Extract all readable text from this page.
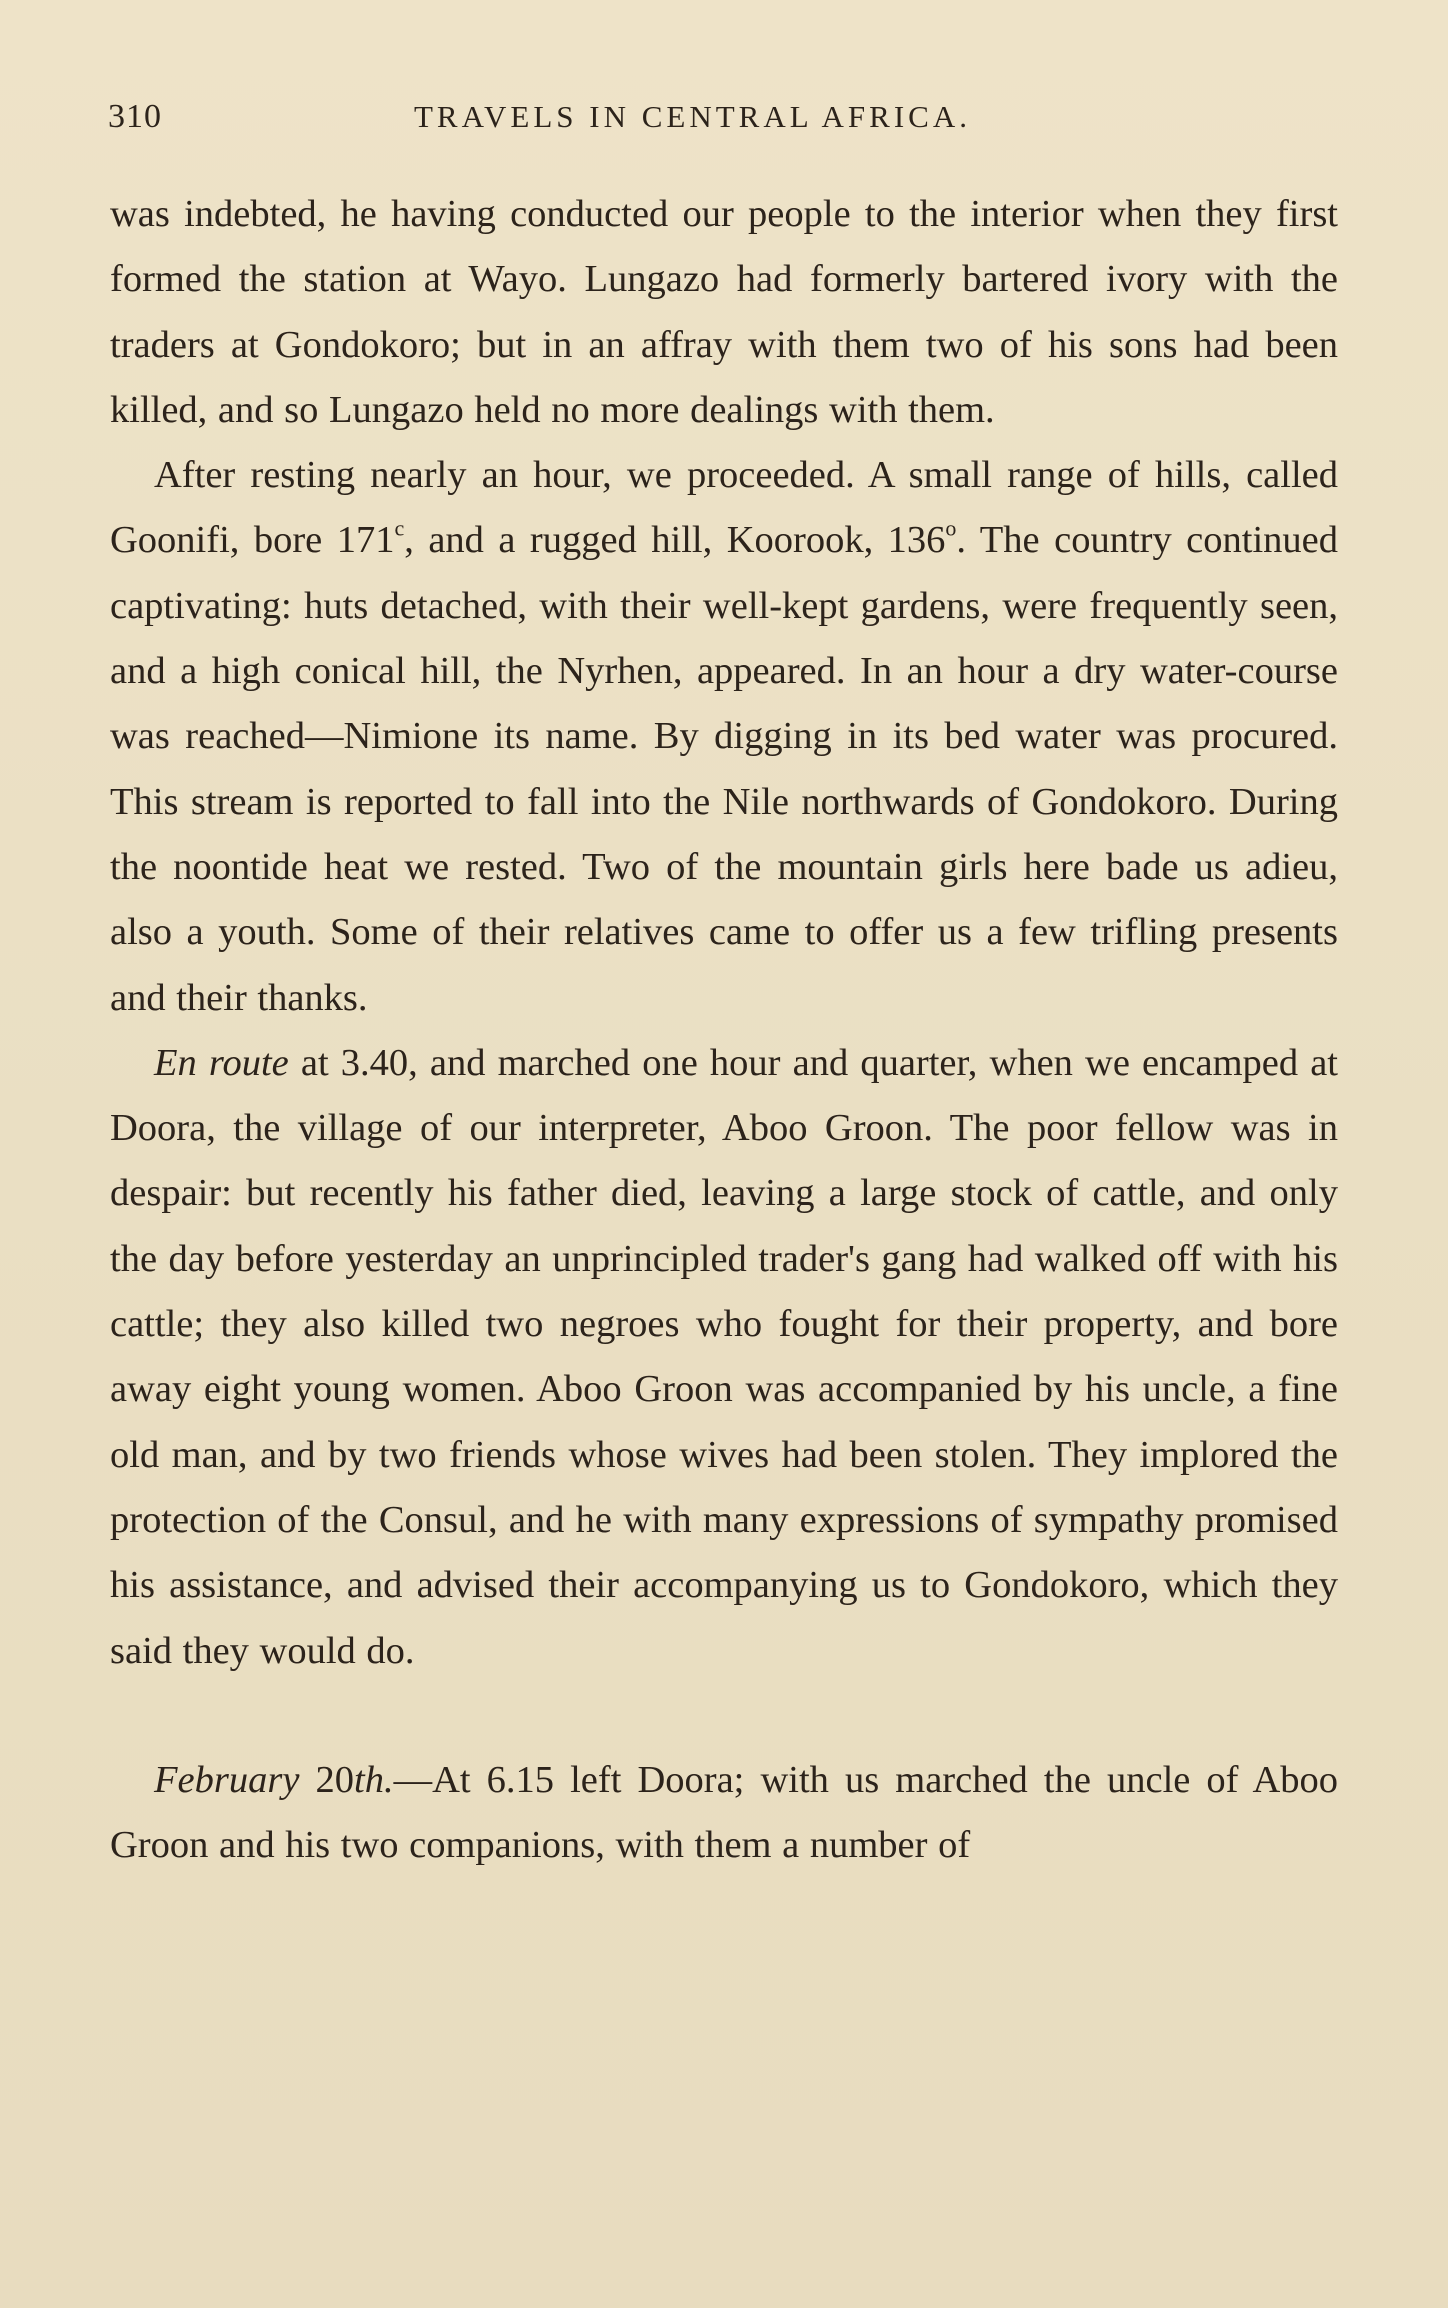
310	TRAVELS IN CENTRAL AFRICA.

was indebted, he having conducted our people to the interior when they first formed the station at Wayo. Lungazo had formerly bartered ivory with the traders at Gondokoro; but in an affray with them two of his sons had been killed, and so Lungazo held no more dealings with them.

After resting nearly an hour, we proceeded. A small range of hills, called Goonifi, bore 171$^c$, and a rugged hill, Koorook, 136$^o$. The country continued captivating: huts detached, with their well-kept gardens, were frequently seen, and a high conical hill, the Nyrhen, appeared. In an hour a dry water-course was reached—Nimione its name. By digging in its bed water was procured. This stream is reported to fall into the Nile northwards of Gondokoro. During the noontide heat we rested. Two of the mountain girls here bade us adieu, also a youth. Some of their relatives came to offer us a few trifling presents and their thanks.

En route at 3.40, and marched one hour and quarter, when we encamped at Doora, the village of our interpreter, Aboo Groon. The poor fellow was in despair: but recently his father died, leaving a large stock of cattle, and only the day before yesterday an unprincipled trader's gang had walked off with his cattle; they also killed two negroes who fought for their property, and bore away eight young women. Aboo Groon was accompanied by his uncle, a fine old man, and by two friends whose wives had been stolen. They implored the protection of the Consul, and he with many expressions of sympathy promised his assistance, and advised their accompanying us to Gondokoro, which they said they would do.

February 20th.—At 6.15 left Doora; with us marched the uncle of Aboo Groon and his two companions, with them a number of
